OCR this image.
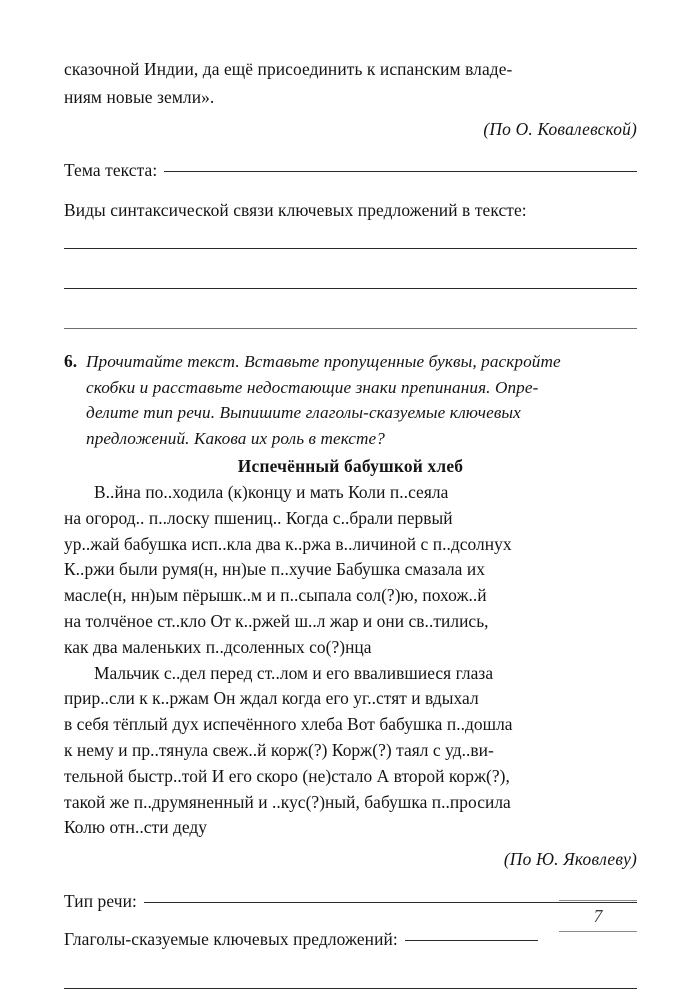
сказочной Индии, да ещё присоединить к испанским владе-
ниям новые земли».
(По О. Ковалевской)
Тема текста:
Виды синтаксической связи ключевых предложений в тексте:
6. Прочитайте текст. Вставьте пропущенные буквы, раскройте
скобки и расставьте недостающие знаки препинания. Опре-
делите тип речи. Выпишите глаголы-сказуемые ключевых
предложений. Какова их роль в тексте?
Испечённый бабушкой хлеб
В..йна по..ходила (к)концу и мать Коли п..сеяла
на огород.. п..лоску пшениц.. Когда с..брали первый
ур..жай бабушка исп..кла два к..ржа в..личиной с п..дсолнух
К..ржи были румя(н, нн)ые п..хучие Бабушка смазала их
масле(н, нн)ым пёрышк..м и п..сыпала сол(?)ю, похож..й
на толчёное ст..кло От к..ржей ш..л жар и они св..тились,
как два маленьких п..дсоленных со(?)нца
Мальчик с..дел перед ст..лом и его ввалившиеся глаза
прир..сли к к..ржам Он ждал когда его уг..стят и вдыхал
в себя тёплый дух испечённого хлеба Вот бабушка п..дошла
к нему и пр..тянула свеж..й корж(?) Корж(?) таял с уд..ви-
тельной быстр..той И его скоро (не)стало А второй корж(?),
такой же п..друмяненный и ..кус(?)ный, бабушка п..просила
Колю отн..сти деду
(По Ю. Яковлеву)
Тип речи:
Глаголы-сказуемые ключевых предложений:
7
